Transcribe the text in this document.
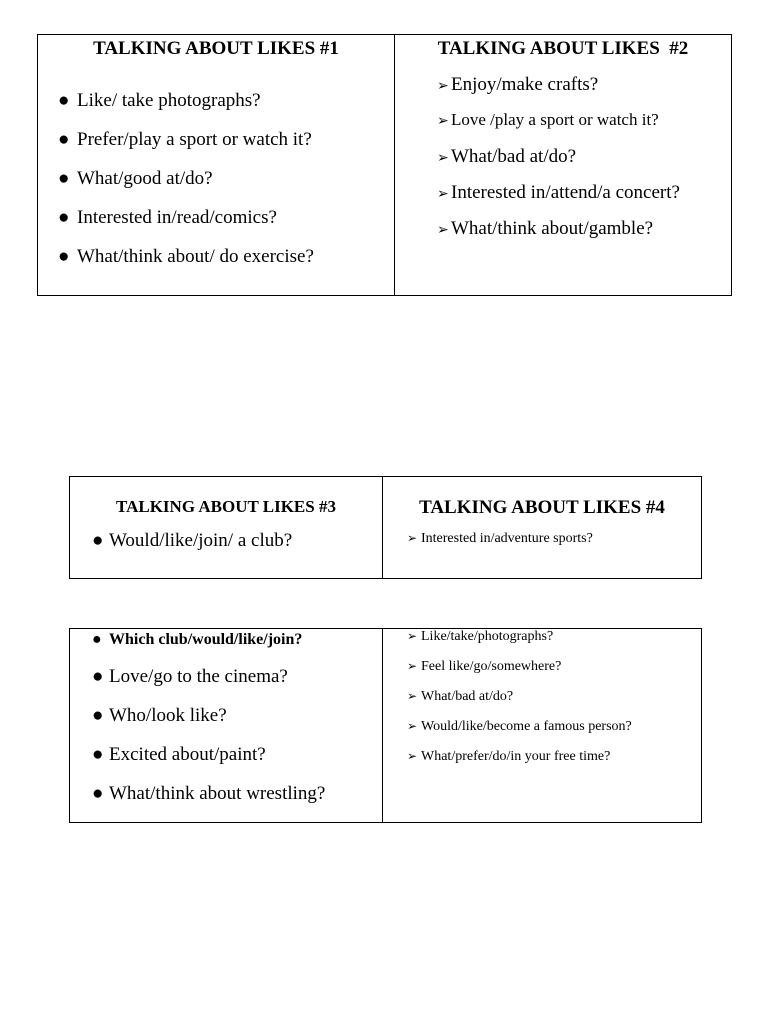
TALKING ABOUT LIKES #1
● Like/ take photographs?
● Prefer/play a sport or watch it?
● What/good at/do?
● Interested in/read/comics?
● What/think about/ do exercise?

TALKING ABOUT LIKES  #2
➢ Enjoy/make crafts?
➢ Love /play a sport or watch it?
➢ What/bad at/do?
➢ Interested in/attend/a concert?
➢ What/think about/gamble?
TALKING ABOUT LIKES #3
● Would/like/join/ a club?

TALKING ABOUT LIKES #4
➢ Interested in/adventure sports?
● Which club/would/like/join?
● Love/go to the cinema?
● Who/look like?
● Excited about/paint?
● What/think about wrestling?

➢ Like/take/photographs?
➢ Feel like/go/somewhere?
➢ What/bad at/do?
➢ Would/like/become a famous person?
➢ What/prefer/do/in your free time?
